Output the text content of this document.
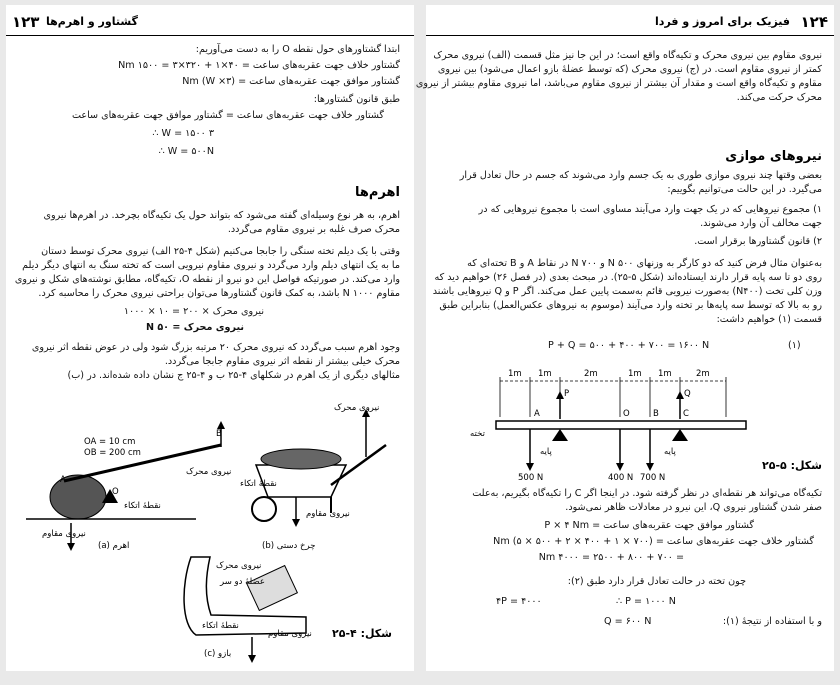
گشتاور و اهرم‌ها
۱۲۳
ابتدا گشتاورهای حول نقطه O را به دست می‌آوریم:
گشتاور خلاف جهت عقربه‌های ساعت = ۴۰×۱ + ۳۲۰×۳ = ۱۵۰۰ Nm
گشتاور موافق جهت عقربه‌های ساعت = (W ×۳) Nm
طبق قانون گشتاورها:
گشتاور خلاف جهت عقربه‌های ساعت = گشتاور موافق جهت عقربه‌های ساعت
۳ W = ۱۵۰۰ ∴
W = ۵۰۰N ∴
اهرم‌ها
اهرم، به هر نوع وسیله‌ای گفته می‌شود که بتواند حول یک تکیه‌گاه بچرخد. در اهرم‌ها نیروی
محرک صرف غلبه بر نیروی مقاوم می‌گردد.
وقتی با یک دیلم تخته سنگی را جابجا می‌کنیم (شکل ۴-۲۵ الف) نیروی محرک توسط دستان
ما به یک انتهای دیلم وارد می‌گردد و نیروی مقاوم نیرویی است که تخته سنگ به انتهای دیگر دیلم
وارد می‌کند. در صورتیکه فواصل این دو نیرو از نقطه O، تکیه‌گاه، مطابق نوشته‌های شکل و نیروی
مقاوم N ۱۰۰۰ باشد، به کمک قانون گشتاورها می‌توان براحتی نیروی محرک را محاسبه کرد.
نیروی محرک × ۲۰۰ = ۱۰ × ۱۰۰۰
نیروی محرک = ۵۰ N
وجود اهرم سبب می‌گردد که نیروی محرک ۲۰ مرتبه بزرگ شود ولی در عوض نقطه اثر نیروی
محرک خیلی بیشتر از نقطه اثر نیروی مقاوم جابجا می‌گردد.
مثالهای دیگری از یک اهرم در شکلهای ۴-۲۵ ب و ۴-۲۵ ج نشان داده شده‌اند. در (ب)
OA = 10 cm
OB = 200 cm
B
A
O
نیروی محرک
نیروی محرک
نقطهٔ اتکاء
نقطهٔ اتکاء
نیروی مقاوم
نیروی مقاوم
اهرم (a)	چرخ دستی (b)
نیروی محرک
عضلهٔ دو سر
نقطهٔ اتکاء
نیروی مقاوم
بازو (c)
شکل: ۴-۲۵
فیزیک برای امروز و فردا ۱۲۴
نیروی مقاوم بین نیروی محرک و تکیه‌گاه واقع است؛ در این جا نیز مثل قسمت (الف) نیروی محرک
کمتر از نیروی مقاوم است. در (ج) نیروی محرک (که توسط عضلهٔ بازو اعمال می‌شود) بین نیروی
مقاوم و تکیه‌گاه واقع است و مقدار آن بیشتر از نیروی مقاوم می‌باشد، اما نیروی مقاوم بیشتر از نیروی
محرک حرکت می‌کند.
نیروهای موازی
بعضی وقتها چند نیروی موازی طوری به یک جسم وارد می‌شوند که جسم در حال تعادل قرار
می‌گیرد. در این حالت می‌توانیم بگوییم:
۱) مجموع نیروهایی که در یک جهت وارد می‌آیند مساوی است با مجموع نیروهایی که در
جهت مخالف آن وارد می‌شوند.
۲) قانون گشتاورها برقرار است.
به‌عنوان مثال فرض کنید که دو کارگر به وزنهای N ۵۰۰ و N ۷۰۰ در نقاط A و B تخته‌ای که
روی دو تا سه پایه قرار دارند ایستاده‌اند (شکل ۵-۲۵). در مبحث بعدی (در فصل ۲۶) خواهیم دید که
وزن کلی تخت (N۴۰۰) به‌صورت نیرویی قائم به‌سمت پایین عمل می‌کند. اگر P و Q نیروهایی باشند
رو به بالا که توسط سه پایه‌ها بر تخته وارد می‌آیند (موسوم به نیروهای عکس‌العمل) بنابراین طبق
قسمت (۱) خواهیم داشت:
P + Q = ۵۰۰ + ۴۰۰ + ۷۰۰ = ۱۶۰۰ N	(۱)
1m 1m	2m	1m 1m	2m
P	Q
A	O	B	C
تخته
پایه	پایه
500 N	400 N 700 N
شکل: ۵-۲۵
تکیه‌گاه می‌تواند هر نقطه‌ای در نظر گرفته شود. در اینجا اگر C را تکیه‌گاه بگیریم، به‌علت
صفر شدن گشتاور نیروی Q، این نیرو در معادلات ظاهر نمی‌شود.
گشتاور موافق جهت عقربه‌های ساعت = P × ۴ Nm
گشتاور خلاف جهت عقربه‌های ساعت = (۷۰۰ × ۱ + ۴۰۰ × ۲ + ۵۰۰ × ۵) Nm
= ۷۰۰ + ۸۰۰ + ۲۵۰۰ = ۴۰۰۰ Nm
چون تخته در حالت تعادل قرار دارد طبق (۲):
۴P = ۴۰۰۰	∴ P = ۱۰۰۰ N
و با استفاده از نتیجهٔ (۱):
Q = ۶۰۰ N
